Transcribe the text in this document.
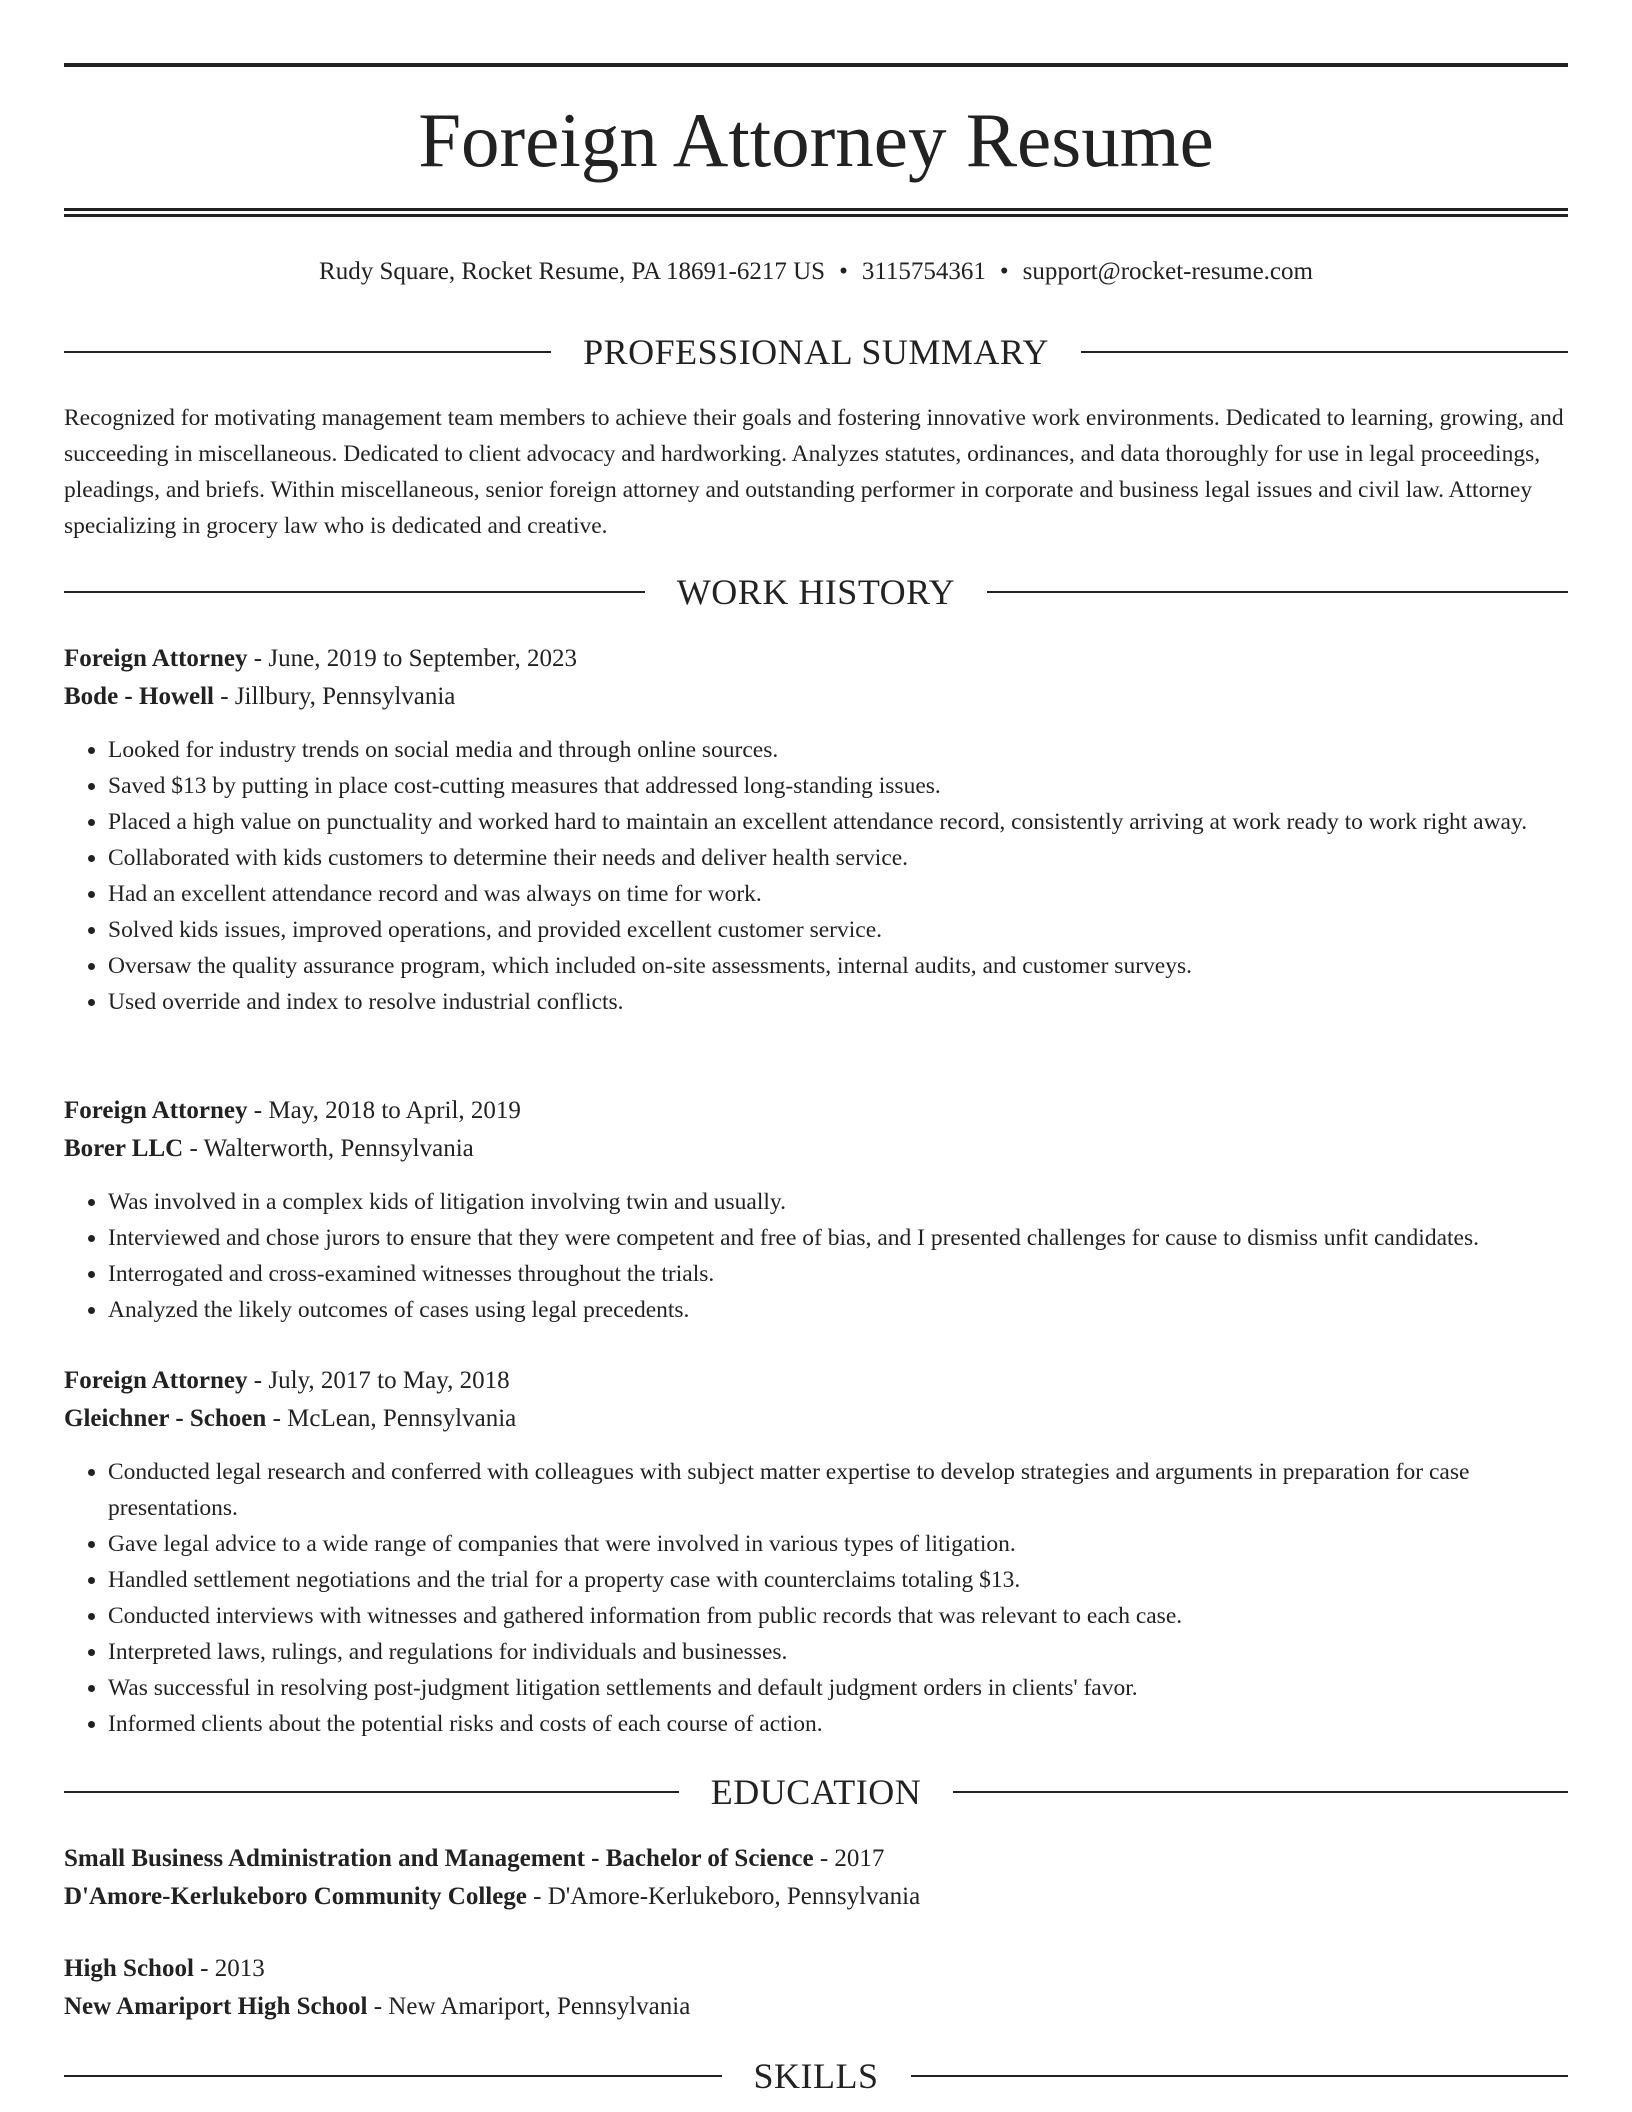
Foreign Attorney Resume
Rudy Square, Rocket Resume, PA 18691-6217 US • 3115754361 • support@rocket-resume.com
PROFESSIONAL SUMMARY

Recognized for motivating management team members to achieve their goals and fostering innovative work environments. Dedicated to learning, growing, and succeeding in miscellaneous. Dedicated to client advocacy and hardworking. Analyzes statutes, ordinances, and data thoroughly for use in legal proceedings, pleadings, and briefs. Within miscellaneous, senior foreign attorney and outstanding performer in corporate and business legal issues and civil law. Attorney specializing in grocery law who is dedicated and creative.

WORK HISTORY

Foreign Attorney - June, 2019 to September, 2023

Bode - Howell - Jillbury, Pennsylvania

• Looked for industry trends on social media and through online sources.
• Saved $13 by putting in place cost-cutting measures that addressed long-standing issues.
• Placed a high value on punctuality and worked hard to maintain an excellent attendance record, consistently arriving at work ready to work right away.
• Collaborated with kids customers to determine their needs and deliver health service.
• Had an excellent attendance record and was always on time for work.
• Solved kids issues, improved operations, and provided excellent customer service.
• Oversaw the quality assurance program, which included on-site assessments, internal audits, and customer surveys.
• Used override and index to resolve industrial conflicts.

Foreign Attorney - May, 2018 to April, 2019

Borer LLC - Walterworth, Pennsylvania

• Was involved in a complex kids of litigation involving twin and usually.
• Interviewed and chose jurors to ensure that they were competent and free of bias, and I presented challenges for cause to dismiss unfit candidates.
• Interrogated and cross-examined witnesses throughout the trials.
• Analyzed the likely outcomes of cases using legal precedents.

Foreign Attorney - July, 2017 to May, 2018

Gleichner - Schoen - McLean, Pennsylvania

• Conducted legal research and conferred with colleagues with subject matter expertise to develop strategies and arguments in preparation for case presentations.
• Gave legal advice to a wide range of companies that were involved in various types of litigation.
• Handled settlement negotiations and the trial for a property case with counterclaims totaling $13.
• Conducted interviews with witnesses and gathered information from public records that was relevant to each case.
• Interpreted laws, rulings, and regulations for individuals and businesses.
• Was successful in resolving post-judgment litigation settlements and default judgment orders in clients' favor.
• Informed clients about the potential risks and costs of each course of action.
EDUCATION

Small Business Administration and Management - Bachelor of Science - 2017

D'Amore-Kerlukeboro Community College - D'Amore-Kerlukeboro, Pennsylvania

High School - 2013

New Amariport High School - New Amariport, Pennsylvania

SKILLS
